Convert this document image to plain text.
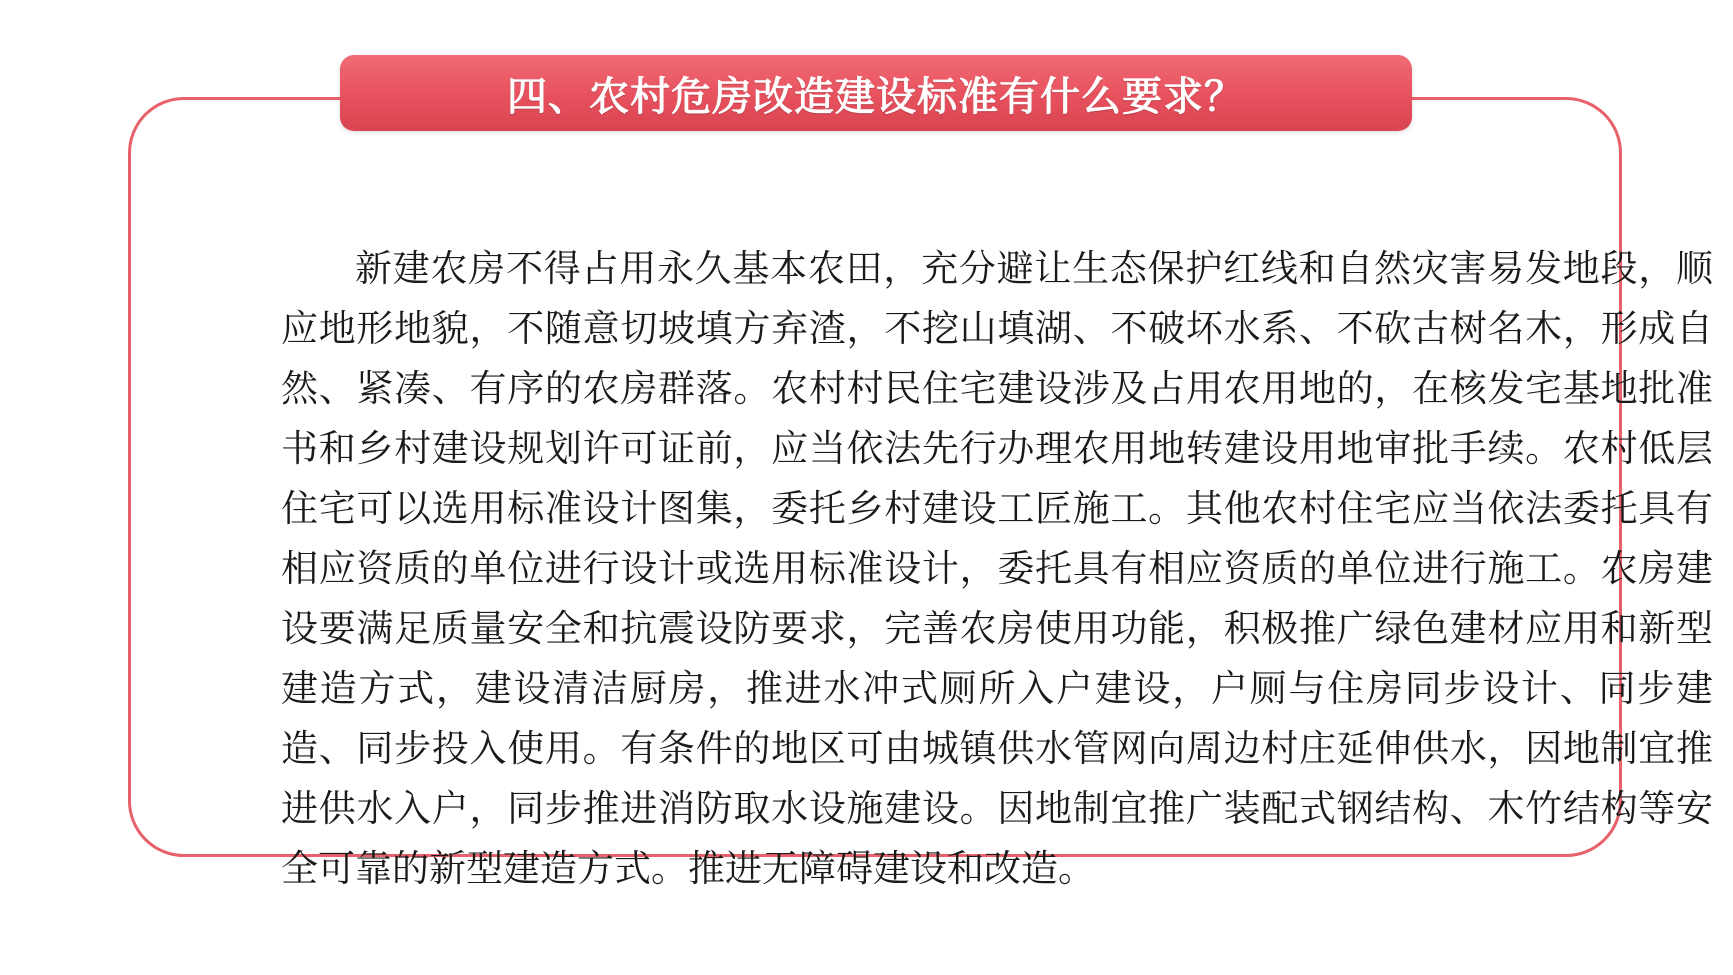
新建农房不得占用永久基本农田，充分避让生态保护红线和自然灾害易发地段，顺应地形地貌，不随意切坡填方弃渣，不挖山填湖、不破坏水系、不砍古树名木，形成自然、紧凑、有序的农房群落。农村村民住宅建设涉及占用农用地的，在核发宅基地批准书和乡村建设规划许可证前，应当依法先行办理农用地转建设用地审批手续。农村低层住宅可以选用标准设计图集，委托乡村建设工匠施工。其他农村住宅应当依法委托具有相应资质的单位进行设计或选用标准设计，委托具有相应资质的单位进行施工。农房建设要满足质量安全和抗震设防要求，完善农房使用功能，积极推广绿色建材应用和新型建造方式，建设清洁厨房，推进水冲式厕所入户建设，户厕与住房同步设计、同步建造、同步投入使用。有条件的地区可由城镇供水管网向周边村庄延伸供水，因地制宜推进供水入户，同步推进消防取水设施建设。因地制宜推广装配式钢结构、木竹结构等安全可靠的新型建造方式。推进无障碍建设和改造。
四、农村危房改造建设标准有什么要求？
